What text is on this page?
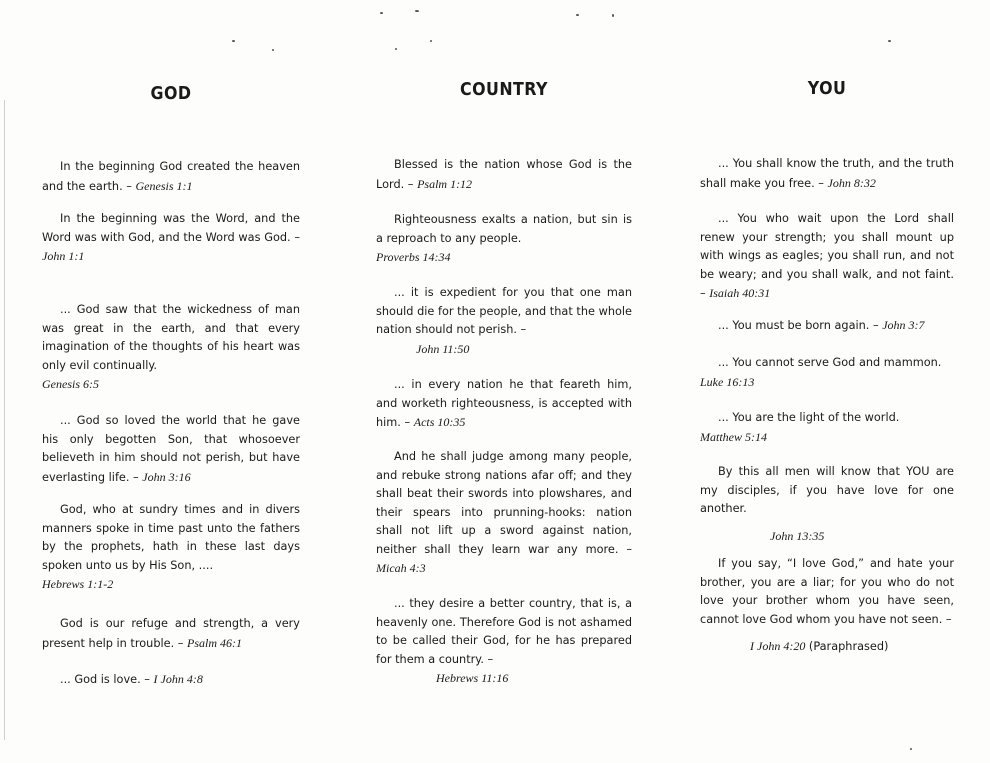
GOD
In the beginning God created the heaven and the earth. – Genesis 1:1
In the beginning was the Word, and the Word was with God, and the Word was God. – John 1:1
... God saw that the wickedness of man was great in the earth, and that every imagination of the thoughts of his heart was only evil continually.
Genesis 6:5
... God so loved the world that he gave his only begotten Son, that whosoever believeth in him should not perish, but have everlasting life. – John 3:16
God, who at sundry times and in divers manners spoke in time past unto the fathers by the prophets, hath in these last days spoken unto us by His Son, ....
Hebrews 1:1-2
God is our refuge and strength, a very present help in trouble. – Psalm 46:1
... God is love. – I John 4:8
COUNTRY
Blessed is the nation whose God is the Lord. – Psalm 1:12
Righteousness exalts a nation, but sin is a reproach to any people.
Proverbs 14:34
... it is expedient for you that one man should die for the people, and that the whole nation should not perish. –
John 11:50
... in every nation he that feareth him, and worketh righteousness, is accepted with him. – Acts 10:35
And he shall judge among many people, and rebuke strong nations afar off; and they shall beat their swords into plowshares, and their spears into prunning-hooks: nation shall not lift up a sword against nation, neither shall they learn war any more. – Micah 4:3
... they desire a better country, that is, a heavenly one. Therefore God is not ashamed to be called their God, for he has prepared for them a country. –
Hebrews 11:16
YOU
... You shall know the truth, and the truth shall make you free. – John 8:32
... You who wait upon the Lord shall renew your strength; you shall mount up with wings as eagles; you shall run, and not be weary; and you shall walk, and not faint. – Isaiah 40:31
... You must be born again. – John 3:7
... You cannot serve God and mammon.
Luke 16:13
... You are the light of the world.
Matthew 5:14
By this all men will know that YOU are my disciples, if you have love for one another.
John 13:35
If you say, “I love God,” and hate your brother, you are a liar; for you who do not love your brother whom you have seen, cannot love God whom you have not seen. –
I John 4:20 (Paraphrased)
